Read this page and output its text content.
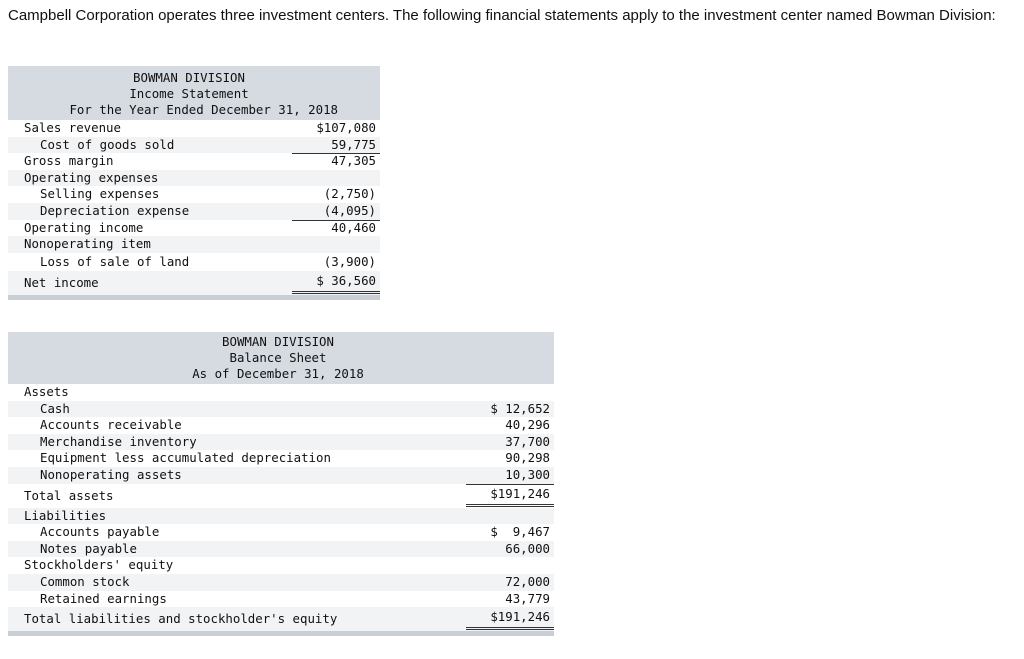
Campbell Corporation operates three investment centers. The following financial statements apply to the investment center named Bowman Division:
BOWMAN DIVISION
Income Statement
For the Year Ended December 31, 2018
Sales revenue	$107,080
Cost of goods sold	59,775
Gross margin	47,305
Operating expenses
Selling expenses	(2,750)
Depreciation expense	(4,095)
Operating income	40,460
Nonoperating item
Loss of sale of land	(3,900)
Net income	$ 36,560
BOWMAN DIVISION
Balance Sheet
As of December 31, 2018
Assets
Cash	$ 12,652
Accounts receivable	40,296
Merchandise inventory	37,700
Equipment less accumulated depreciation	90,298
Nonoperating assets	10,300
Total assets	$191,246
Liabilities
Accounts payable	$  9,467
Notes payable	66,000
Stockholders' equity
Common stock	72,000
Retained earnings	43,779
Total liabilities and stockholder's equity	$191,246
